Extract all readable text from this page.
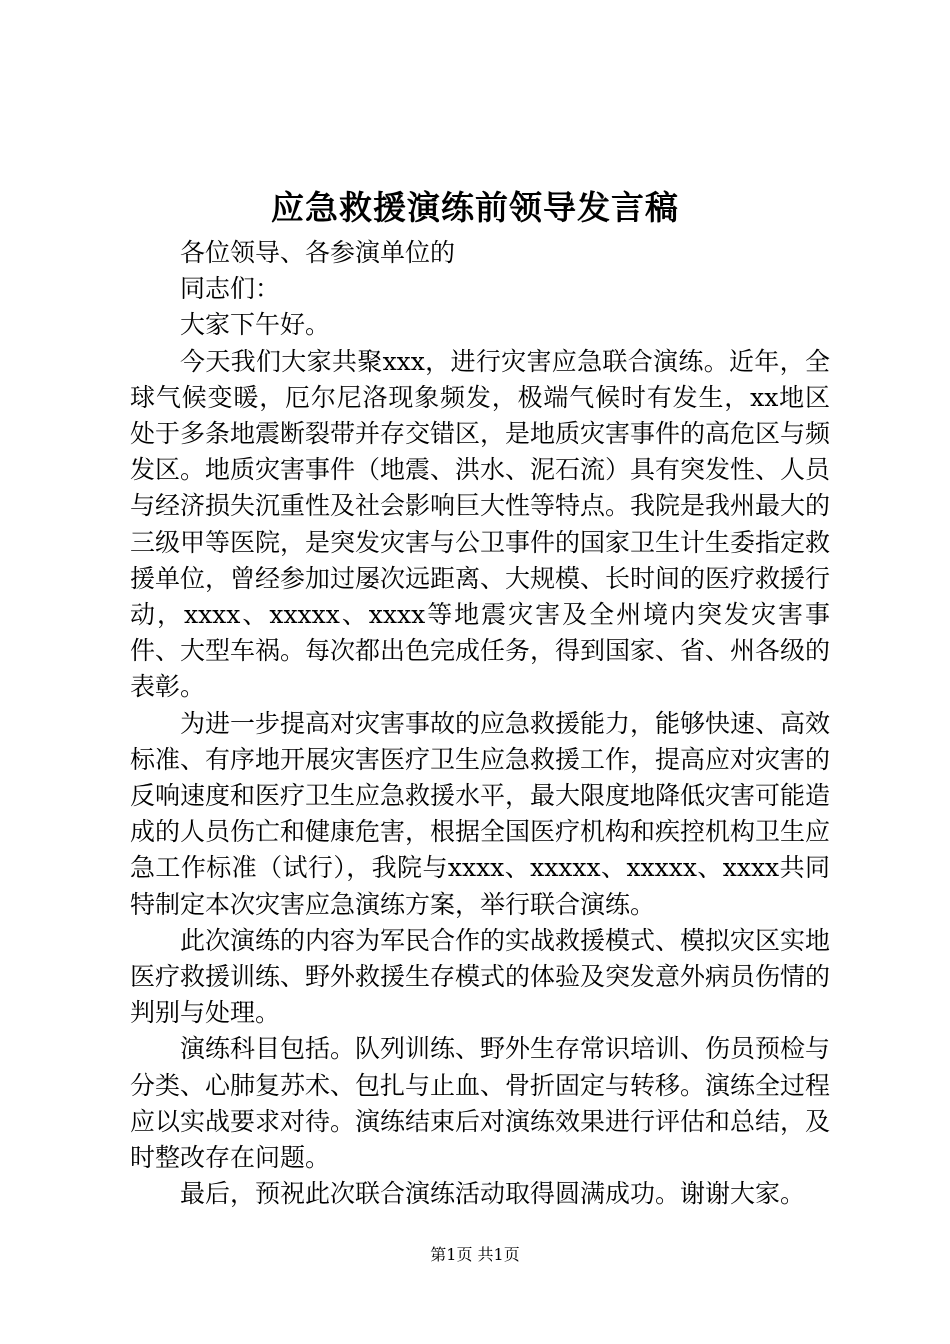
应急救援演练前领导发言稿

各位领导、各参演单位的

同志们：

大家下午好。

今天我们大家共聚xxx，进行灾害应急联合演练。近年，全球气候变暖，厄尔尼洛现象频发，极端气候时有发生，xx地区处于多条地震断裂带并存交错区，是地质灾害事件的高危区与频发区。地质灾害事件（地震、洪水、泥石流）具有突发性、人员与经济损失沉重性及社会影响巨大性等特点。我院是我州最大的三级甲等医院，是突发灾害与公卫事件的国家卫生计生委指定救援单位，曾经参加过屡次远距离、大规模、长时间的医疗救援行动，xxxx、xxxxx、xxxx等地震灾害及全州境内突发灾害事件、大型车祸。每次都出色完成任务，得到国家、省、州各级的表彰。

为进一步提高对灾害事故的应急救援能力，能够快速、高效标准、有序地开展灾害医疗卫生应急救援工作，提高应对灾害的反响速度和医疗卫生应急救援水平，最大限度地降低灾害可能造成的人员伤亡和健康危害，根据全国医疗机构和疾控机构卫生应急工作标准（试行），我院与xxxx、xxxxx、xxxxx、xxxx共同特制定本次灾害应急演练方案，举行联合演练。

此次演练的内容为军民合作的实战救援模式、模拟灾区实地医疗救援训练、野外救援生存模式的体验及突发意外病员伤情的判别与处理。

演练科目包括。队列训练、野外生存常识培训、伤员预检与分类、心肺复苏术、包扎与止血、骨折固定与转移。演练全过程应以实战要求对待。演练结束后对演练效果进行评估和总结，及时整改存在问题。

最后，预祝此次联合演练活动取得圆满成功。谢谢大家。

第1页 共1页
